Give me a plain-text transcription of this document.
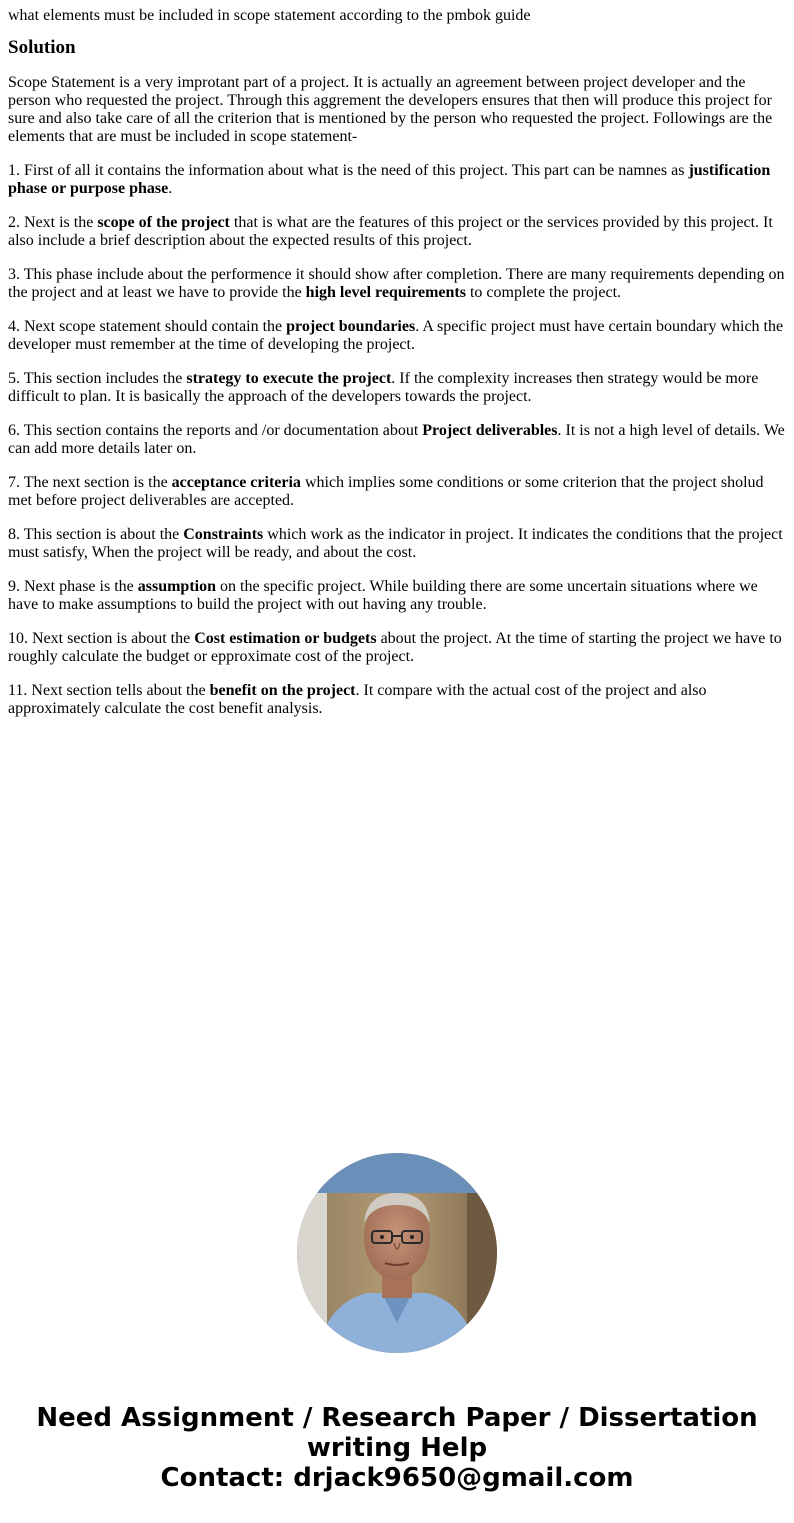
what elements must be included in scope statement according to the pmbok guide
Solution

Scope Statement is a very improtant part of a project. It is actually an agreement between project developer and the person who requested the project. Through this aggrement the developers ensures that then will produce this project for sure and also take care of all the criterion that is mentioned by the person who requested the project. Followings are the elements that are must be included in scope statement-

1. First of all it contains the information about what is the need of this project. This part can be namnes as justification phase or purpose phase.

2. Next is the scope of the project that is what are the features of this project or the services provided by this project. It also include a brief description about the expected results of this project.

3. This phase include about the performence it should show after completion. There are many requirements depending on the project and at least we have to provide the high level requirements to complete the project.

4. Next scope statement should contain the project boundaries. A specific project must have certain boundary which the developer must remember at the time of developing the project.

5. This section includes the strategy to execute the project. If the complexity increases then strategy would be more difficult to plan. It is basically the approach of the developers towards the project.

6. This section contains the reports and /or documentation about Project deliverables. It is not a high level of details. We can add more details later on.

7. The next section is the acceptance criteria which implies some conditions or some criterion that the project sholud met before project deliverables are accepted.

8. This section is about the Constraints which work as the indicator in project. It indicates the conditions that the project must satisfy, When the project will be ready, and about the cost.

9. Next phase is the assumption on the specific project. While building there are some uncertain situations where we have to make assumptions to build the project with out having any trouble.

10. Next section is about the Cost estimation or budgets about the project. At the time of starting the project we have to roughly calculate the budget or epproximate cost of the project.

11. Next section tells about the benefit on the project. It compare with the actual cost of the project and also approximately calculate the cost benefit analysis.

Need Assignment / Research Paper / Dissertation
writing Help
Contact: drjack9650@gmail.com
